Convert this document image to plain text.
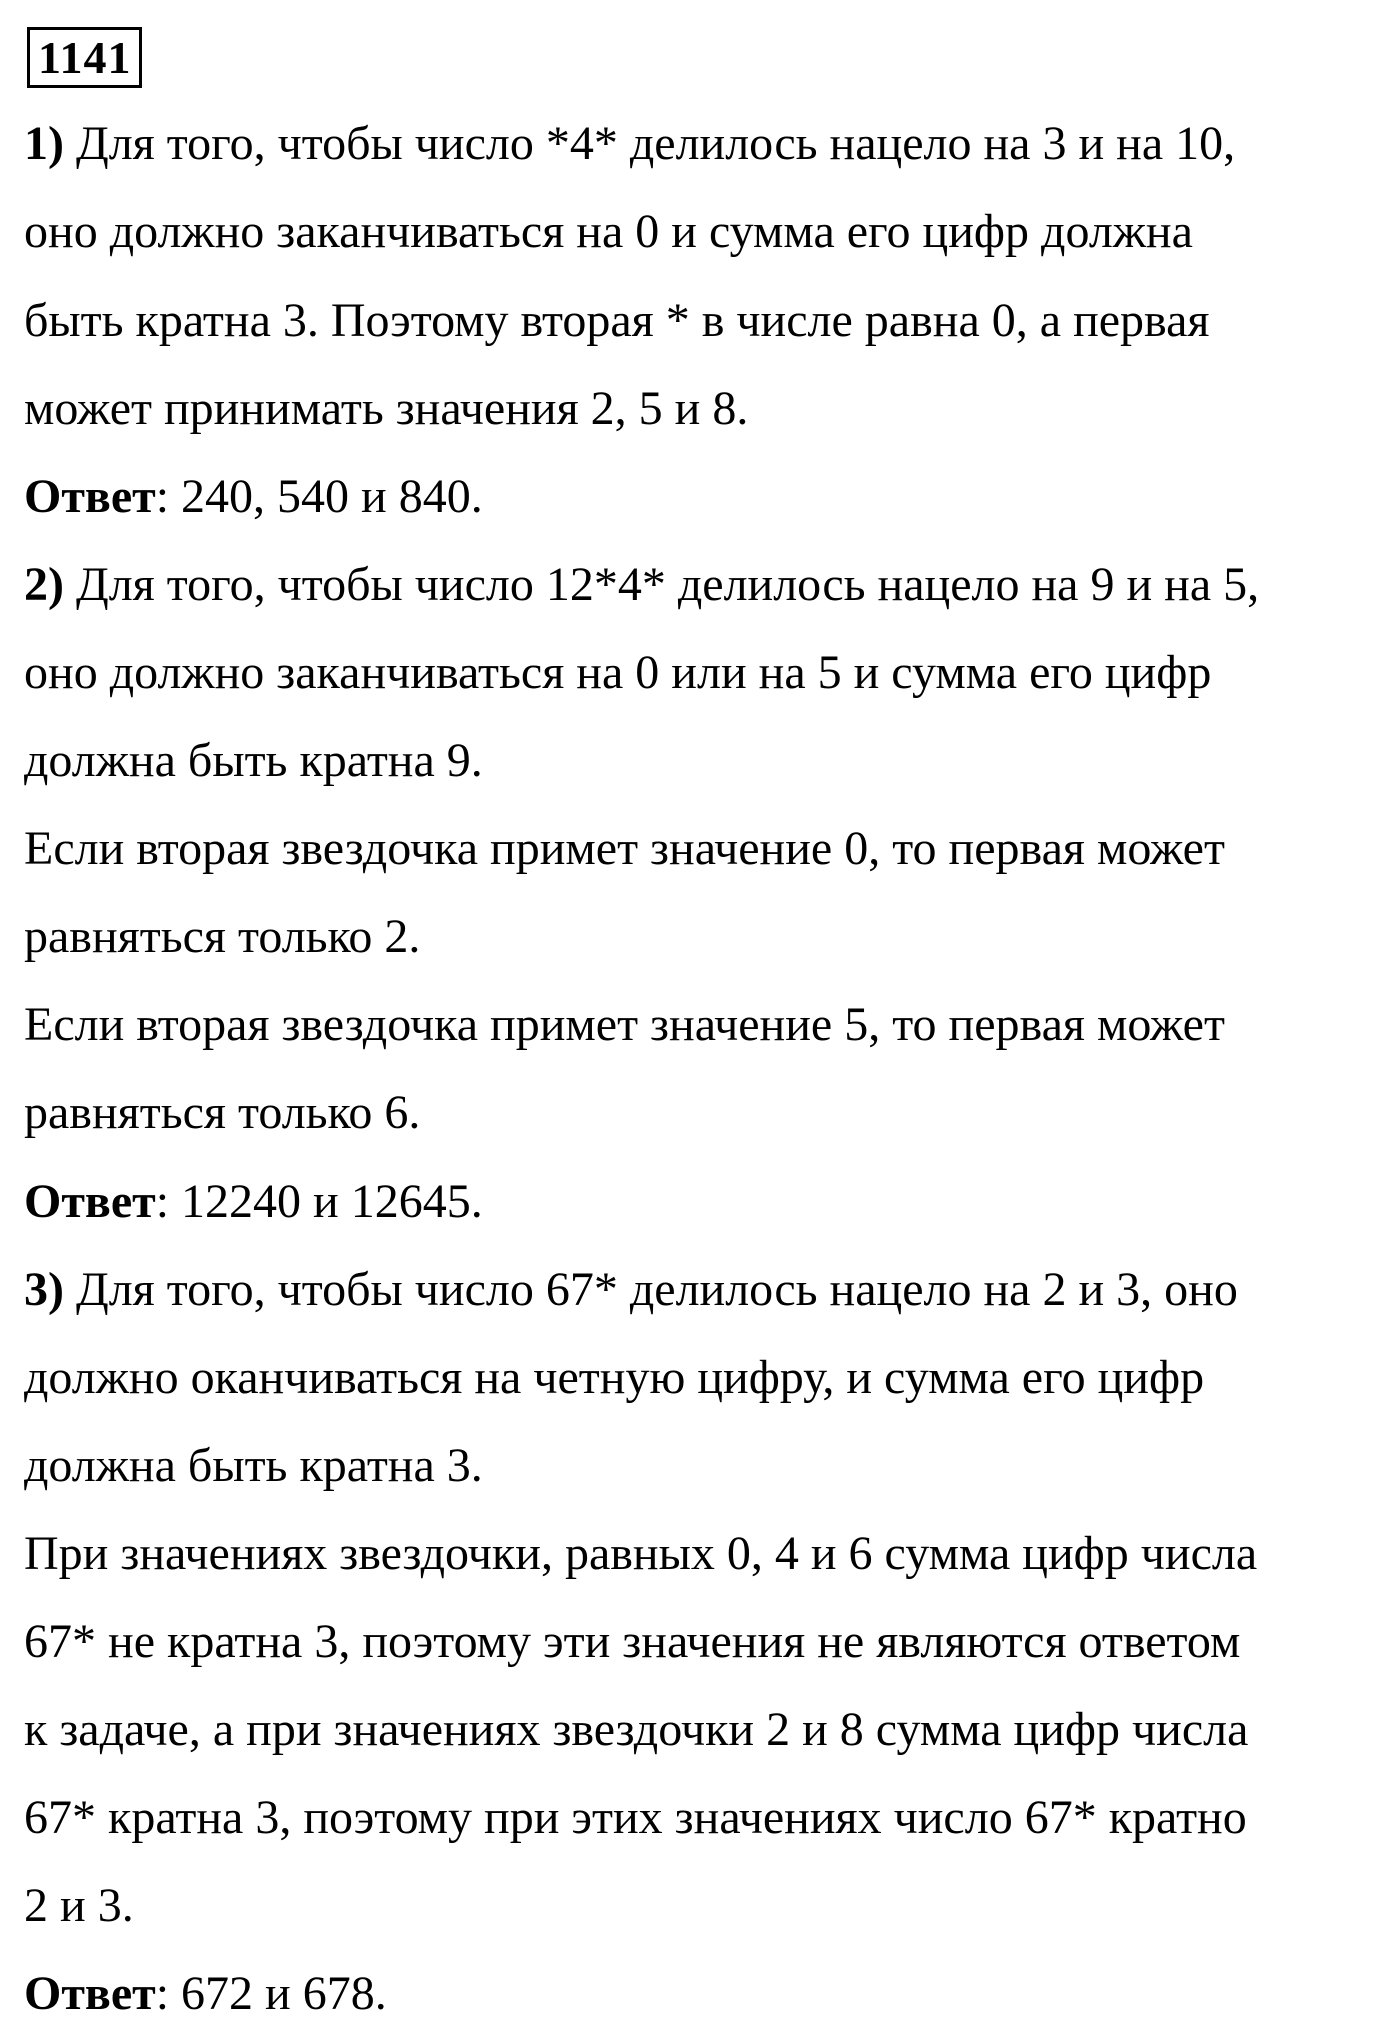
1141
1) Для того, чтобы число *4* делилось нацело на 3 и на 10,
оно должно заканчиваться на 0 и сумма его цифр должна
быть кратна 3. Поэтому вторая * в числе равна 0, а первая
может принимать значения 2, 5 и 8.
Ответ: 240, 540 и 840.
2) Для того, чтобы число 12*4* делилось нацело на 9 и на 5,
оно должно заканчиваться на 0 или на 5 и сумма его цифр
должна быть кратна 9.
Если вторая звездочка примет значение 0, то первая может
равняться только 2.
Если вторая звездочка примет значение 5, то первая может
равняться только 6.
Ответ: 12240 и 12645.
3) Для того, чтобы число 67* делилось нацело на 2 и 3, оно
должно оканчиваться на четную цифру, и сумма его цифр
должна быть кратна 3.
При значениях звездочки, равных 0, 4 и 6 сумма цифр числа
67* не кратна 3, поэтому эти значения не являются ответом
к задаче, а при значениях звездочки 2 и 8 сумма цифр числа
67* кратна 3, поэтому при этих значениях число 67* кратно
2 и 3.
Ответ: 672 и 678.
